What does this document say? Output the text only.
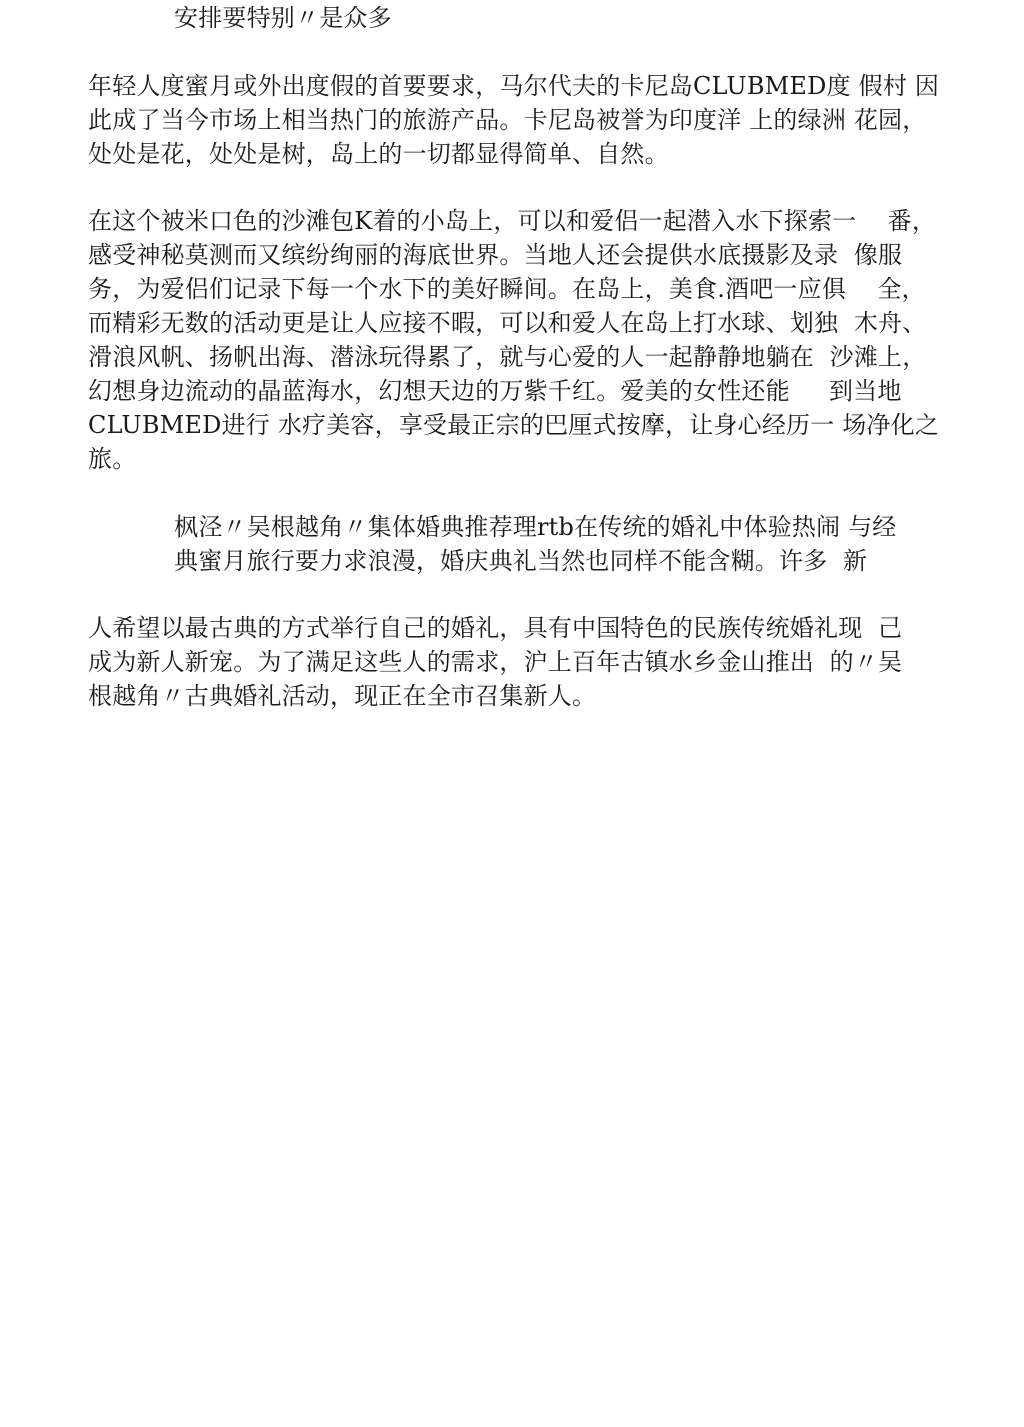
安排要特别〃是众多
年轻人度蜜月或外出度假的首要要求，马尔代夫的卡尼岛CLUBMED度 假村 因
此成了当今市场上相当热门的旅游产品。卡尼岛被誉为印度洋 上的绿洲 花园，
处处是花，处处是树，岛上的一切都显得简单、自然。
在这个被米口色的沙滩包K着的小岛上，可以和爱侣一起潜入水下探索一    番，
感受神秘莫测而又缤纷绚丽的海底世界。当地人还会提供水底摄影及录  像服
务，为爱侣们记录下每一个水下的美好瞬间。在岛上，美食.酒吧一应俱    全，
而精彩无数的活动更是让人应接不暇，可以和爱人在岛上打水球、划独  木舟、
滑浪风帆、扬帆出海、潜泳玩得累了，就与心爱的人一起静静地躺在  沙滩上，
幻想身边流动的晶蓝海水，幻想天边的万紫千红。爱美的女性还能     到当地
CLUBMED进行 水疗美容，享受最正宗的巴厘式按摩，让身心经历一 场净化之
旅。
枫泾〃吴根越角〃集体婚典推荐理rtb在传统的婚礼中体验热闹 与经
典蜜月旅行要力求浪漫，婚庆典礼当然也同样不能含糊。许多  新
人希望以最古典的方式举行自己的婚礼，具有中国特色的民族传统婚礼现  己
成为新人新宠。为了满足这些人的需求，沪上百年古镇水乡金山推出  的〃吴
根越角〃古典婚礼活动，现正在全市召集新人。
